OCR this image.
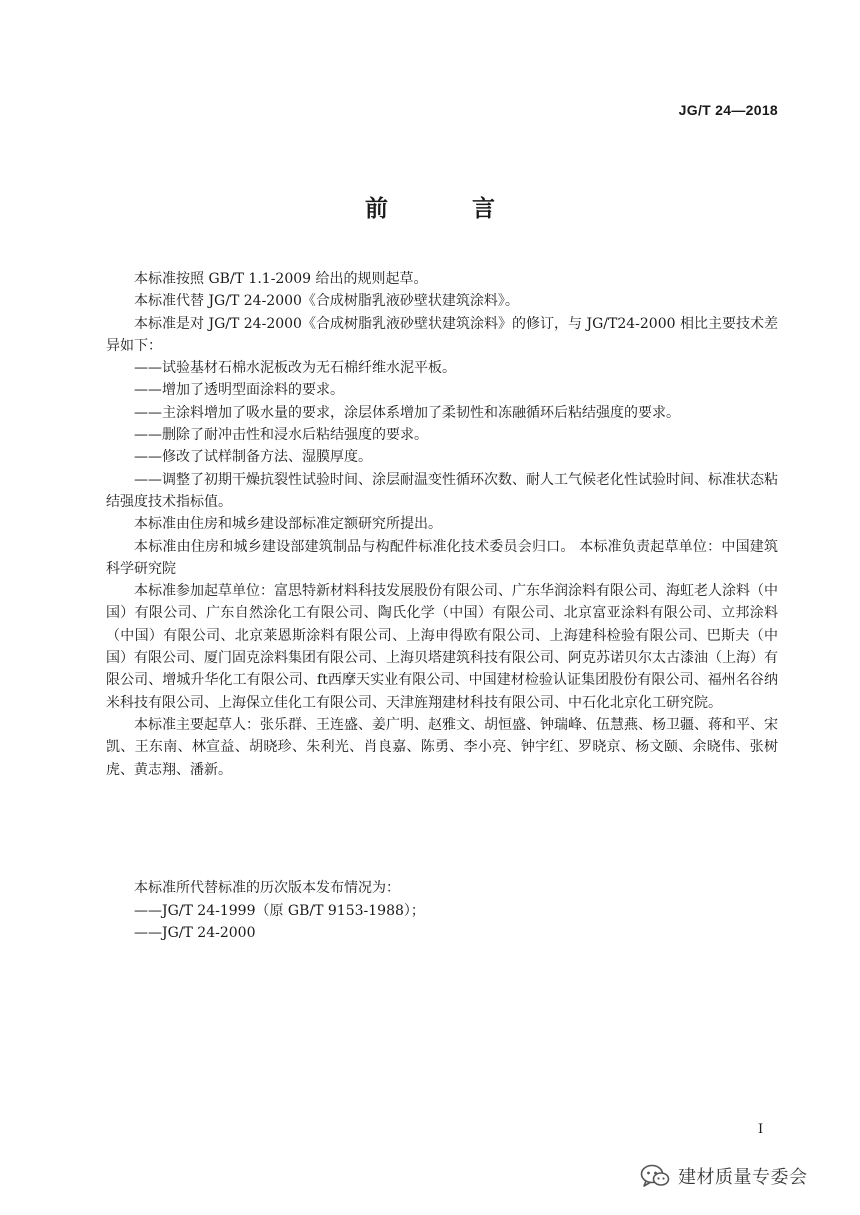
JG/T 24—2018
前 言

本标准按照 GB/T 1.1-2009 给出的规则起草。

本标准代替 JG/T 24-2000《合成树脂乳液砂壁状建筑涂料》。

本标准是对 JG/T 24-2000《合成树脂乳液砂壁状建筑涂料》的修订，与 JG/T24-2000 相比主要技术差异如下：

——试验基材石棉水泥板改为无石棉纤维水泥平板。

——增加了透明型面涂料的要求。

——主涂料增加了吸水量的要求，涂层体系增加了柔韧性和冻融循环后粘结强度的要求。

——删除了耐冲击性和浸水后粘结强度的要求。

——修改了试样制备方法、湿膜厚度。

——调整了初期干燥抗裂性试验时间、涂层耐温变性循环次数、耐人工气候老化性试验时间、标准状态粘结强度技术指标值。

本标准由住房和城乡建设部标准定额研究所提出。

本标准由住房和城乡建设部建筑制品与构配件标准化技术委员会归口。 本标准负责起草单位：中国建筑科学研究院

本标准参加起草单位：富思特新材料科技发展股份有限公司、广东华润涂料有限公司、海虹老人涂料（中国）有限公司、广东自然涂化工有限公司、陶氏化学（中国）有限公司、北京富亚涂料有限公司、立邦涂料（中国）有限公司、北京莱恩斯涂料有限公司、上海申得欧有限公司、上海建科检验有限公司、巴斯夫（中国）有限公司、厦门固克涂料集团有限公司、上海贝塔建筑科技有限公司、阿克苏诺贝尔太古漆油（上海）有限公司、增城升华化工有限公司、ft西摩天实业有限公司、中国建材检验认证集团股份有限公司、福州名谷纳米科技有限公司、上海保立佳化工有限公司、天津旌翔建材科技有限公司、中石化北京化工研究院。

本标准主要起草人：张乐群、王连盛、姜广明、赵雅文、胡恒盛、钟瑞峰、伍慧燕、杨卫疆、蒋和平、宋凯、王东南、林宣益、胡晓珍、朱利光、肖良嘉、陈勇、李小亮、钟宇红、罗晓京、杨文颐、余晓伟、张树虎、黄志翔、潘新。

本标准所代替标准的历次版本发布情况为：

——JG/T 24-1999（原 GB/T 9153-1988）；

——JG/T 24-2000

I
建材质量专委会
